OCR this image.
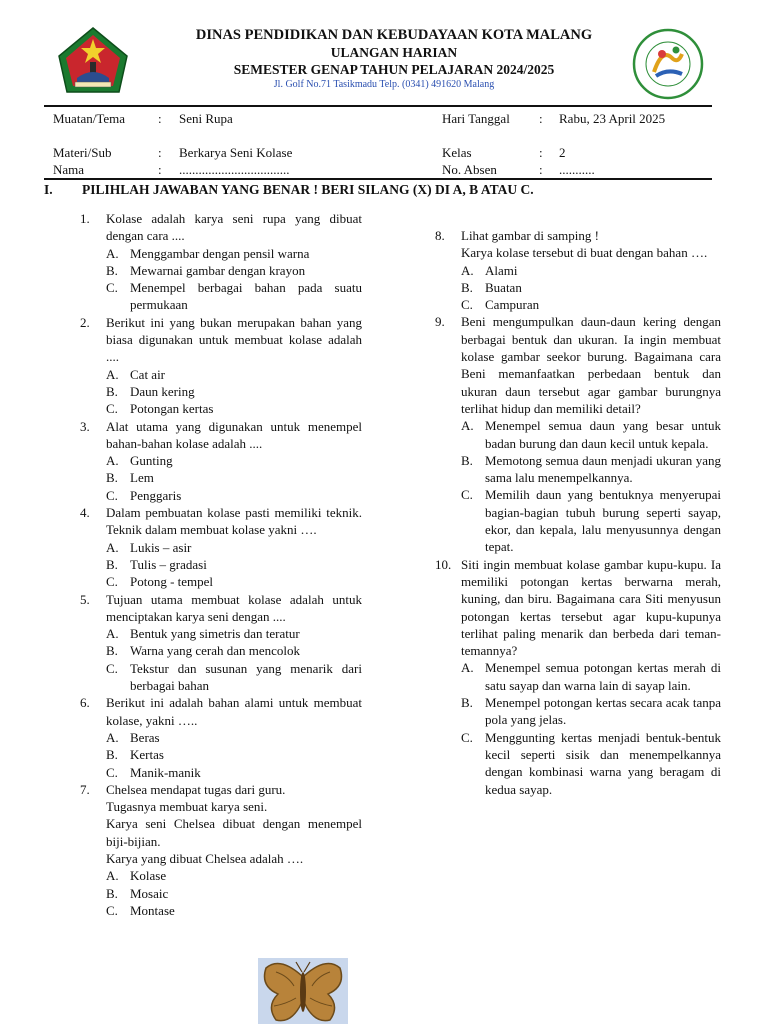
DINAS PENDIDIKAN DAN KEBUDAYAAN KOTA MALANG
ULANGAN HARIAN
SEMESTER GENAP TAHUN PELAJARAN 2024/2025
Jl. Golf No.71 Tasikmadu Telp. (0341) 491620 Malang
Muatan/Tema	: Seni Rupa	Hari Tanggal : Rabu, 23 April 2025
Materi/Sub	: Berkarya Seni Kolase	Kelas	: 2
Nama	: ..................................	No. Absen	: ...........
I. PILIHLAH JAWABAN YANG BENAR ! BERI SILANG (X) DI A, B ATAU C.
1.	Kolase adalah karya seni rupa yang dibuat dengan cara ....
A. Menggambar dengan pensil warna
B. Mewarnai gambar dengan krayon
C. Menempel berbagai bahan pada suatu permukaan
2.	Berikut ini yang bukan merupakan bahan yang biasa digunakan untuk membuat kolase adalah ....
A. Cat air
B. Daun kering
C. Potongan kertas
3.	Alat utama yang digunakan untuk menempel bahan-bahan kolase adalah ....
A. Gunting
B. Lem
C. Penggaris
4.	Dalam pembuatan kolase pasti memiliki teknik. Teknik dalam membuat kolase yakni ….
A. Lukis – asir
B. Tulis – gradasi
C. Potong - tempel
5.	Tujuan utama membuat kolase adalah untuk menciptakan karya seni dengan ....
A. Bentuk yang simetris dan teratur
B. Warna yang cerah dan mencolok
C. Tekstur dan susunan yang menarik dari berbagai bahan
6.	Berikut ini adalah bahan alami untuk membuat kolase, yakni …..
A. Beras
B. Kertas
C. Manik-manik
7.	Chelsea mendapat tugas dari guru.
Tugasnya membuat karya seni.
Karya seni Chelsea dibuat dengan menempel biji-bijian.
Karya yang dibuat Chelsea adalah ….
A. Kolase
B. Mosaic
C. Montase
8.	Lihat gambar di samping !
Karya kolase tersebut di buat dengan bahan ….
A. Alami
B. Buatan
C. Campuran
9.	Beni mengumpulkan daun-daun kering dengan berbagai bentuk dan ukuran. Ia ingin membuat kolase gambar seekor burung. Bagaimana cara Beni memanfaatkan perbedaan bentuk dan ukuran daun tersebut agar gambar burungnya terlihat hidup dan memiliki detail?
A. Menempel semua daun yang besar untuk badan burung dan daun kecil untuk kepala.
B. Memotong semua daun menjadi ukuran yang sama lalu menempelkannya.
C. Memilih daun yang bentuknya menyerupai bagian-bagian tubuh burung seperti sayap, ekor, dan kepala, lalu menyusunnya dengan tepat.
10. Siti ingin membuat kolase gambar kupu-kupu. Ia memiliki potongan kertas berwarna merah, kuning, dan biru. Bagaimana cara Siti menyusun potongan kertas tersebut agar kupu-kupunya terlihat paling menarik dan berbeda dari teman-temannya?
A. Menempel semua potongan kertas merah di satu sayap dan warna lain di sayap lain.
B. Menempel potongan kertas secara acak tanpa pola yang jelas.
C. Menggunting kertas menjadi bentuk-bentuk kecil seperti sisik dan menempelkannya dengan kombinasi warna yang beragam di kedua sayap.
